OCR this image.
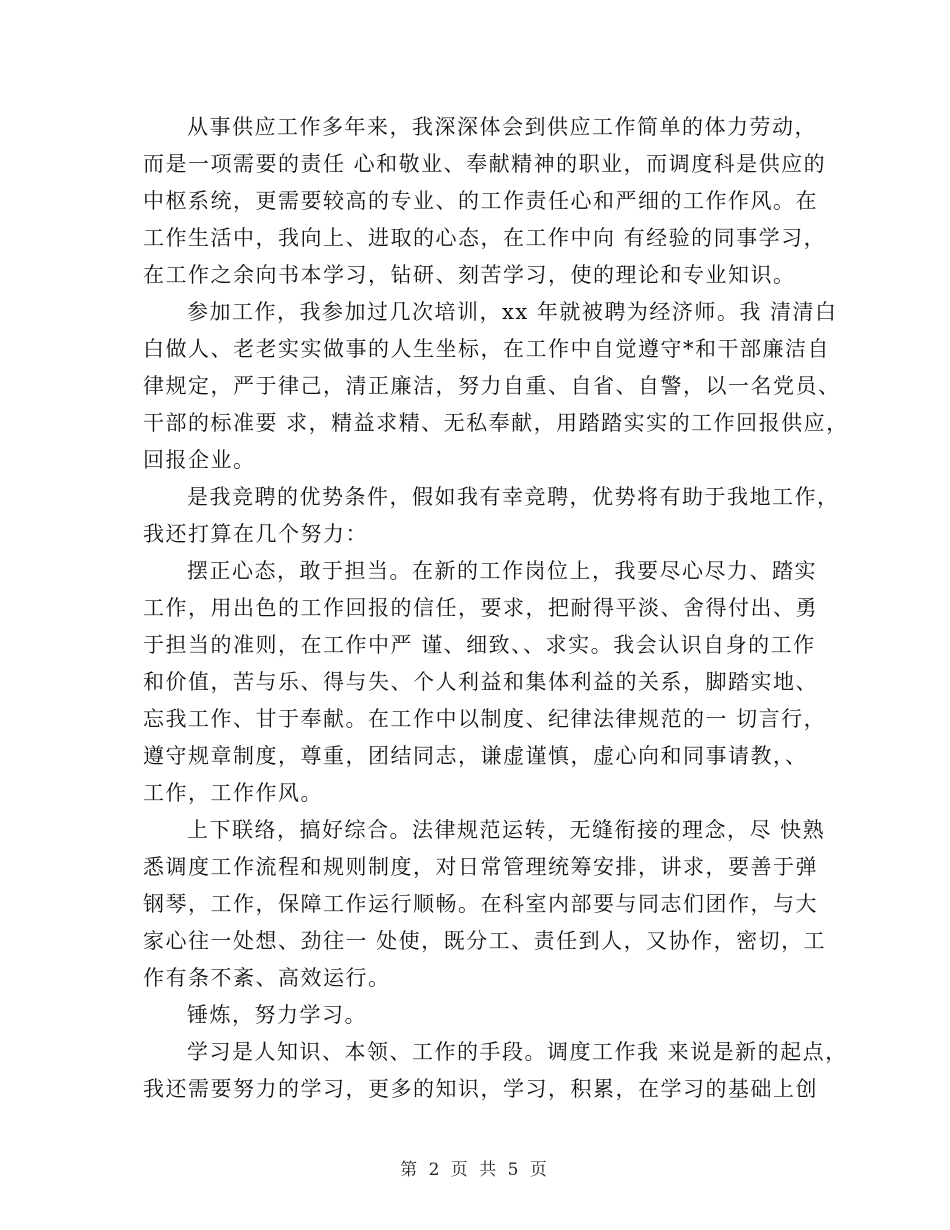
从事供应工作多年来，我深深体会到供应工作简单的体力劳动，
而是一项需要的责任 心和敬业、奉献精神的职业，而调度科是供应的
中枢系统，更需要较高的专业、的工作责任心和严细的工作作风。在
工作生活中，我向上、进取的心态，在工作中向 有经验的同事学习，
在工作之余向书本学习，钻研、刻苦学习，使的理论和专业知识。
参加工作，我参加过几次培训，xx 年就被聘为经济师。我 清清白
白做人、老老实实做事的人生坐标，在工作中自觉遵守*和干部廉洁自
律规定，严于律己，清正廉洁，努力自重、自省、自警，以一名党员、
干部的标准要 求，精益求精、无私奉献，用踏踏实实的工作回报供应，
回报企业。
是我竞聘的优势条件，假如我有幸竞聘，优势将有助于我地工作，
我还打算在几个努力：
摆正心态，敢于担当。在新的工作岗位上，我要尽心尽力、踏实
工作，用出色的工作回报的信任，要求，把耐得平淡、舍得付出、勇
于担当的准则，在工作中严 谨、细致、、求实。我会认识自身的工作
和价值，苦与乐、得与失、个人利益和集体利益的关系，脚踏实地、
忘我工作、甘于奉献。在工作中以制度、纪律法律规范的一 切言行，
遵守规章制度，尊重，团结同志，谦虚谨慎，虚心向和同事请教，、
工作，工作作风。
上下联络，搞好综合。法律规范运转，无缝衔接的理念，尽 快熟
悉调度工作流程和规则制度，对日常管理统筹安排，讲求，要善于弹
钢琴，工作，保障工作运行顺畅。在科室内部要与同志们团作，与大
家心往一处想、劲往一 处使，既分工、责任到人，又协作，密切，工
作有条不紊、高效运行。
锤炼，努力学习。
学习是人知识、本领、工作的手段。调度工作我 来说是新的起点，
我还需要努力的学习，更多的知识，学习，积累，在学习的基础上创
第 2 页 共 5 页
